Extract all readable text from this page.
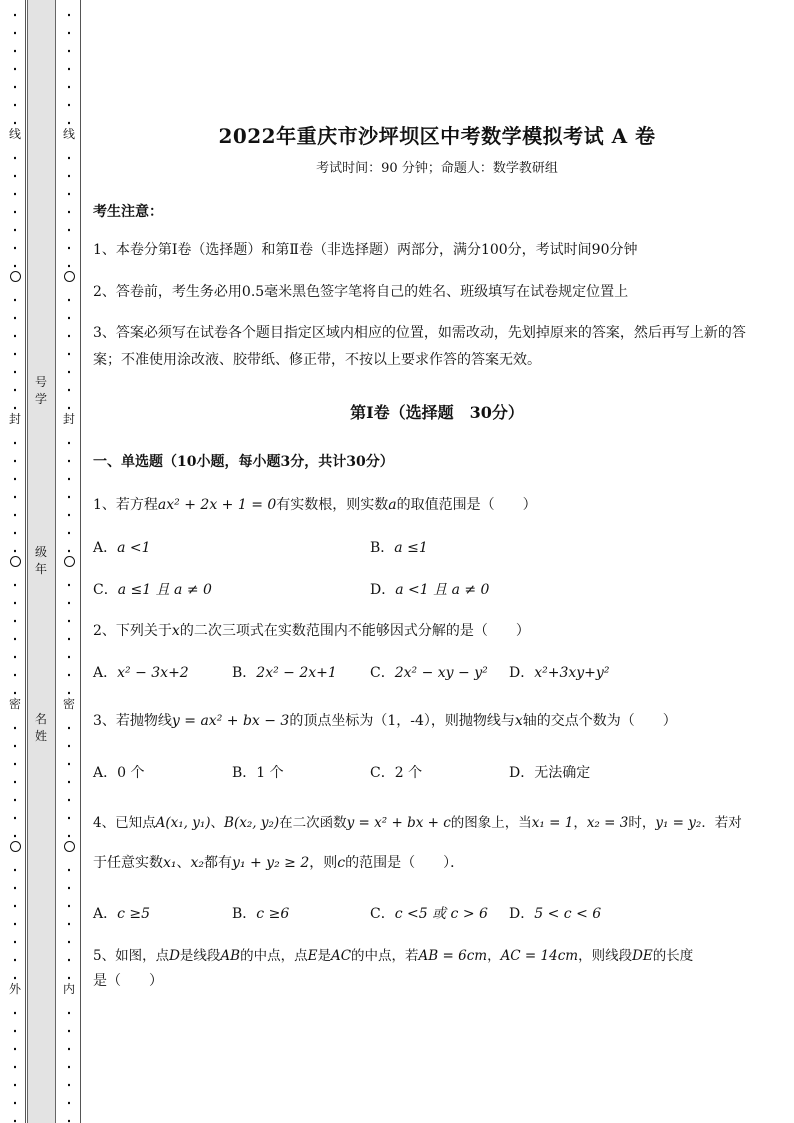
线
封
密
外
号
学
级
年
名
姓
线
封
密
内
2022年重庆市沙坪坝区中考数学模拟考试 A 卷
考试时间：90 分钟；命题人：数学教研组
考生注意：
1、本卷分第Ⅰ卷（选择题）和第Ⅱ卷（非选择题）两部分，满分100分，考试时间90分钟
2、答卷前，考生务必用0.5毫米黑色签字笔将自己的姓名、班级填写在试卷规定位置上
3、答案必须写在试卷各个题目指定区域内相应的位置，如需改动，先划掉原来的答案，然后再写上新的答案；不准使用涂改液、胶带纸、修正带，不按以上要求作答的答案无效。
第Ⅰ卷（选择题　30分）
一、单选题（10小题，每小题3分，共计30分）
1、若方程ax² + 2x + 1 = 0有实数根，则实数a的取值范围是（　　）
A．a <1	B．a ≤1
C．a ≤1 且 a ≠ 0	D．a <1 且 a ≠ 0
2、下列关于x的二次三项式在实数范围内不能够因式分解的是（　　）
A．x² − 3x+2	B．2x² − 2x+1 C．2x² − xy − y² D．x²+3xy+y²
3、若抛物线y = ax² + bx − 3的顶点坐标为（1，-4），则抛物线与x轴的交点个数为（　　）
A．0 个	B．1 个	C．2 个	D．无法确定
4、已知点A(x₁, y₁)、B(x₂, y₂)在二次函数y = x² + bx + c的图象上，当x₁ = 1，x₂ = 3时，y₁ = y₂．若对
于任意实数x₁、x₂都有y₁ + y₂ ≥ 2，则c的范围是（　　）．
A．c ≥5	B．c ≥6	C．c <5 或 c > 6 D．5 < c < 6
5、如图，点D是线段AB的中点，点E是AC的中点，若AB = 6cm，AC = 14cm，则线段DE的长度
是（　　）
